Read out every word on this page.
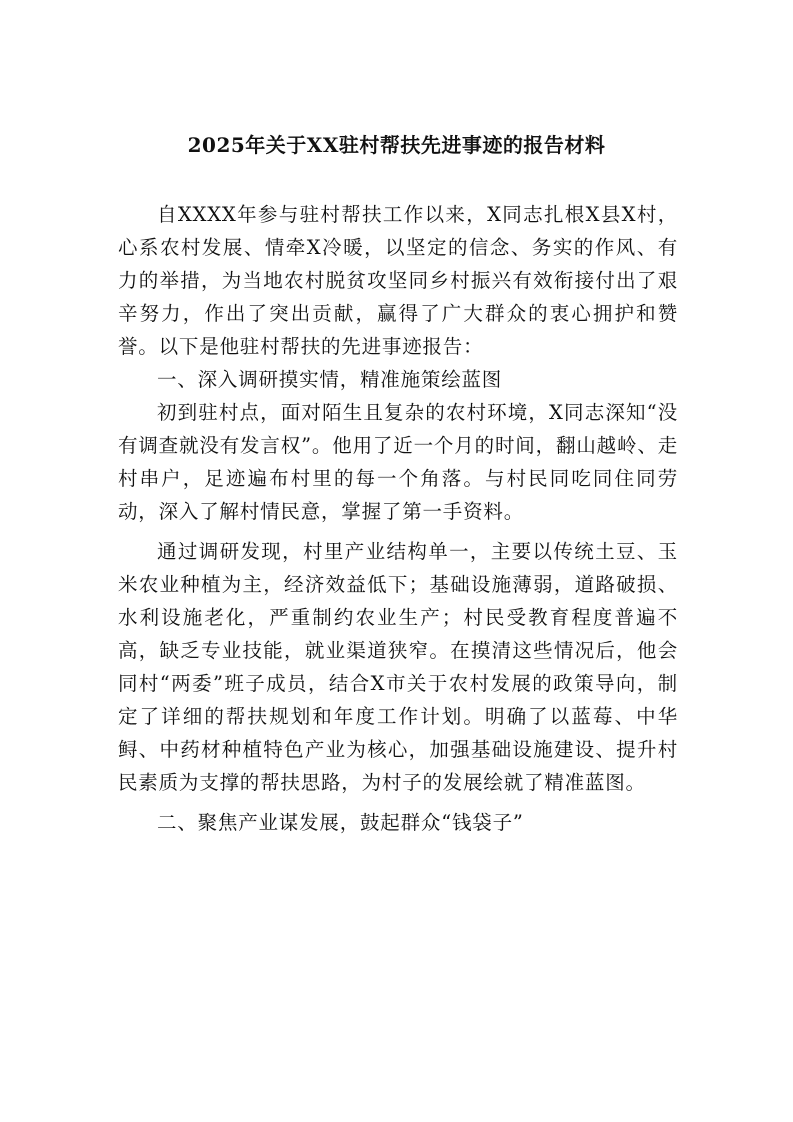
2025年关于XX驻村帮扶先进事迹的报告材料

自XXXX年参与驻村帮扶工作以来，X同志扎根X县X村，心系农村发展、情牵X冷暖，以坚定的信念、务实的作风、有力的举措，为当地农村脱贫攻坚同乡村振兴有效衔接付出了艰辛努力，作出了突出贡献，赢得了广大群众的衷心拥护和赞誉。以下是他驻村帮扶的先进事迹报告：

一、深入调研摸实情，精准施策绘蓝图

初到驻村点，面对陌生且复杂的农村环境，X同志深知“没有调查就没有发言权”。他用了近一个月的时间，翻山越岭、走村串户，足迹遍布村里的每一个角落。与村民同吃同住同劳动，深入了解村情民意，掌握了第一手资料。

通过调研发现，村里产业结构单一，主要以传统土豆、玉米农业种植为主，经济效益低下；基础设施薄弱，道路破损、水利设施老化，严重制约农业生产；村民受教育程度普遍不高，缺乏专业技能，就业渠道狭窄。在摸清这些情况后，他会同村“两委”班子成员，结合X市关于农村发展的政策导向，制定了详细的帮扶规划和年度工作计划。明确了以蓝莓、中华鲟、中药材种植特色产业为核心，加强基础设施建设、提升村民素质为支撑的帮扶思路，为村子的发展绘就了精准蓝图。

二、聚焦产业谋发展，鼓起群众“钱袋子”
